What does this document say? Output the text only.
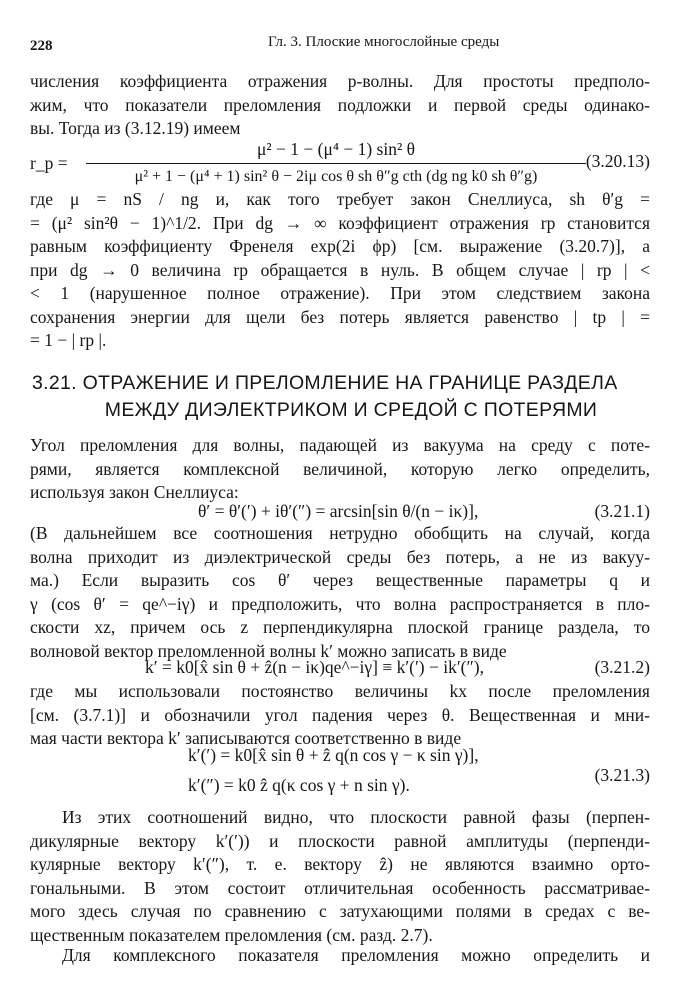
228	Гл. 3. Плоские многослойные среды
числения коэффициента отражения p-волны. Для простоты предполо-
жим, что показатели преломления подложки и первой среды одинако-
вы. Тогда из (3.12.19) имеем
r_p =
μ² − 1 − (μ⁴ − 1) sin² θ
μ² + 1 − (μ⁴ + 1) sin² θ − 2iμ cos θ sh θ″g cth (dg ng k0 sh θ″g)
(3.20.13)
где μ = nS / ng и, как того требует закон Снеллиуса, sh θ′g =
= (μ² sin²θ − 1)^1/2. При dg → ∞ коэффициент отражения rp становится
равным коэффициенту Френеля exp(2i ϕp) [см. выражение (3.20.7)], а
при dg → 0 величина rp обращается в нуль. В общем случае | rp | <
< 1 (нарушенное полное отражение). При этом следствием закона
сохранения энергии для щели без потерь является равенство | tp | =
= 1 − | rp |.
3.21. ОТРАЖЕНИЕ И ПРЕЛОМЛЕНИЕ НА ГРАНИЦЕ РАЗДЕЛА
МЕЖДУ ДИЭЛЕКТРИКОМ И СРЕДОЙ С ПОТЕРЯМИ
Угол преломления для волны, падающей из вакуума на среду с поте-
рями, является комплексной величиной, которую легко определить,
используя закон Снеллиуса:
θ′ = θ′(′) + iθ′(″) = arcsin[sin θ/(n − iκ)],	(3.21.1)
(В дальнейшем все соотношения нетрудно обобщить на случай, когда
волна приходит из диэлектрической среды без потерь, а не из вакуу-
ма.) Если выразить cos θ′ через вещественные параметры q и
γ (cos θ′ = qe^−iγ) и предположить, что волна распространяется в пло-
скости xz, причем ось z перпендикулярна плоской границе раздела, то
волновой вектор преломленной волны k′ можно записать в виде
k′ = k0[x̂ sin θ + ẑ(n − iκ)qe^−iγ] ≡ k′(′) − ik′(″),	(3.21.2)
где мы использовали постоянство величины kx после преломления
[см. (3.7.1)] и обозначили угол падения через θ. Вещественная и мни-
мая части вектора k′ записываются соответственно в виде
k′(′) = k0[x̂ sin θ + ẑ q(n cos γ − κ sin γ)],
k′(″) = k0 ẑ q(κ cos γ + n sin γ).	(3.21.3)
Из этих соотношений видно, что плоскости равной фазы (перпен-
дикулярные вектору k′(′)) и плоскости равной амплитуды (перпенди-
кулярные вектору k′(″), т. е. вектору ẑ) не являются взаимно орто-
гональными. В этом состоит отличительная особенность рассматривае-
мого здесь случая по сравнению с затухающими полями в средах с ве-
щественным показателем преломления (см. разд. 2.7).
Для комплексного показателя преломления можно определить и
